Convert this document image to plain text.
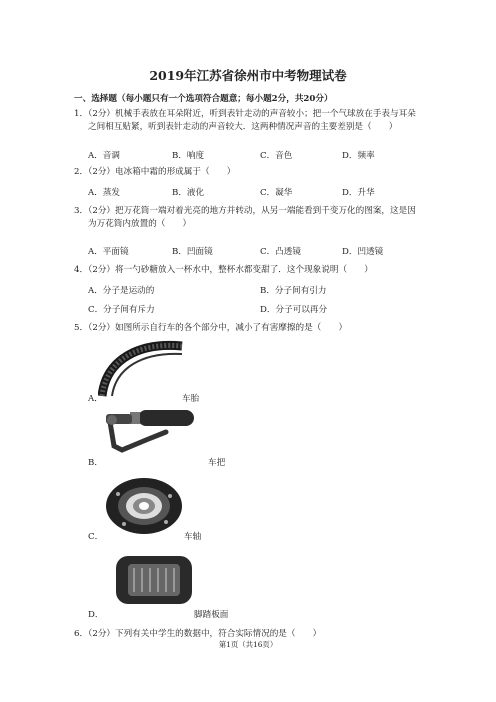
2019年江苏省徐州市中考物理试卷
一、选择题（每小题只有一个选项符合题意；每小题2分，共20分）
1．（2分）机械手表放在耳朵附近，听到表针走动的声音较小；把一个气球放在手表与耳朵
之间相互贴紧，听到表针走动的声音较大．这两种情况声音的主要差别是（　　）
A．音调	B．响度	C．音色	D．频率
2．（2分）电冰箱中霜的形成属于（　　）
A．蒸发	B．液化	C．凝华	D．升华
3．（2分）把万花筒一端对着光亮的地方并转动，从另一端能看到千变万化的图案，这是因
为万花筒内放置的（　　）
A．平面镜	B．凹面镜	C．凸透镜	D．凹透镜
4．（2分）将一勺砂糖放入一杯水中，整杯水都变甜了．这个现象说明（　　）
A．分子是运动的	B．分子间有引力
C．分子间有斥力	D．分子可以再分
5．（2分）如图所示自行车的各个部分中，减小了有害摩擦的是（　　）
A．	车胎
B．	车把
C．	车轴
D．	脚踏板面
6．（2分）下列有关中学生的数据中，符合实际情况的是（　　）
第1页（共16页）
